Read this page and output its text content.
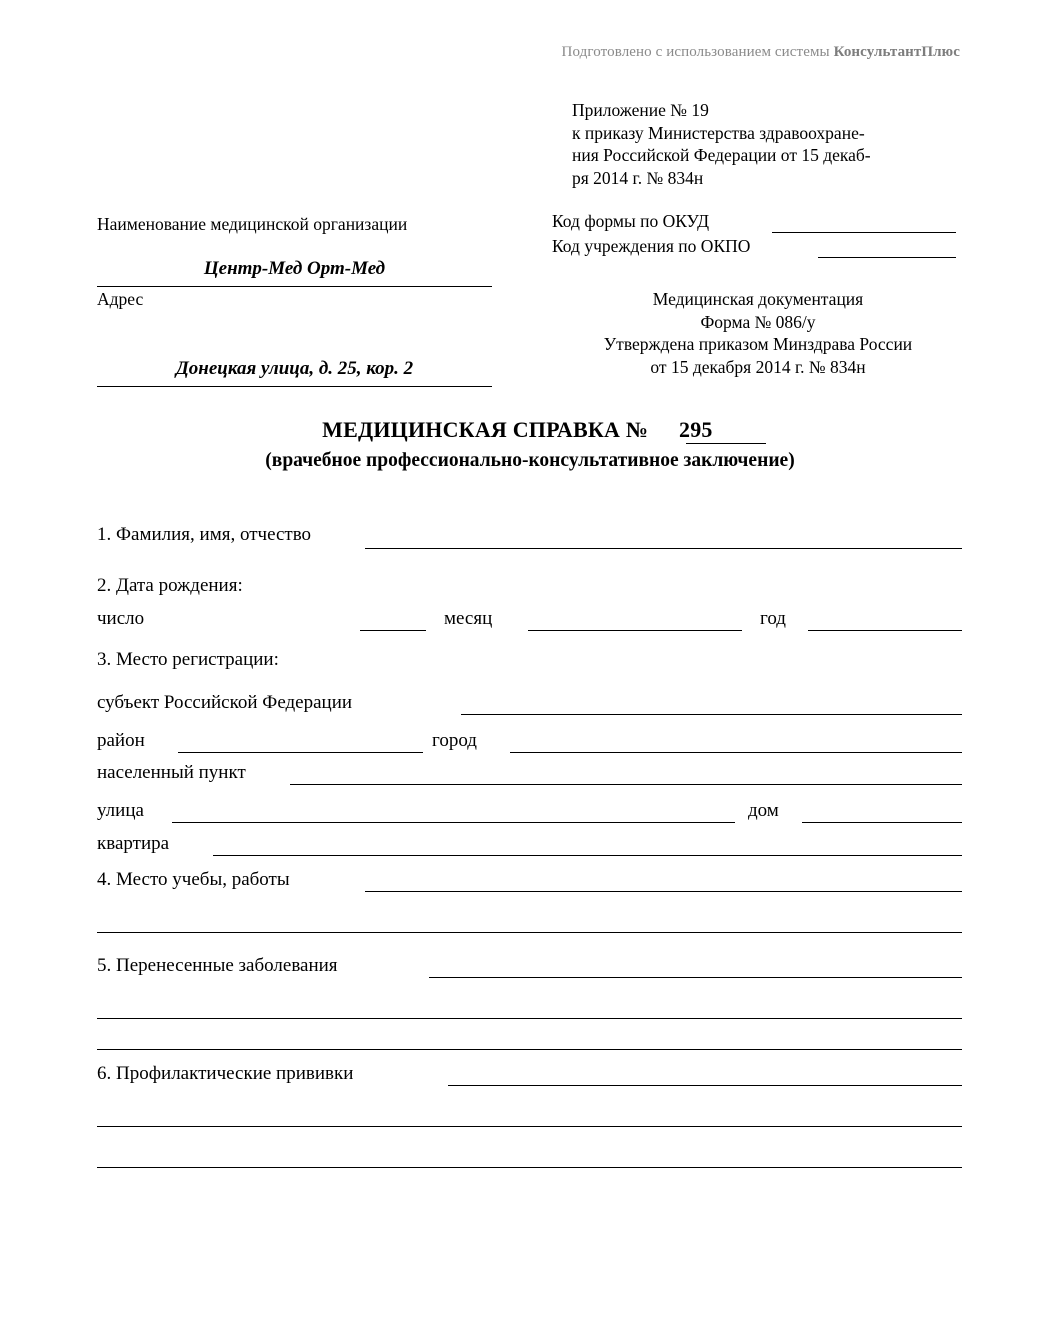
Подготовлено с использованием системы КонсультантПлюс
Приложение № 19
к приказу Министерства здравоохране-
ния Российской Федерации от 15 декаб-
ря 2014 г. № 834н
Наименование медицинской организации
Центр-Мед Орт-Мед
Адрес
Донецкая улица, д. 25, кор. 2
Код формы по ОКУД
Код учреждения по ОКПО
Медицинская документация
Форма № 086/у
Утверждена приказом Минздрава России
от 15 декабря 2014 г. № 834н
МЕДИЦИНСКАЯ СПРАВКА № 295
(врачебное профессионально-консультативное заключение)
1. Фамилия, имя, отчество
2. Дата рождения:
число	месяц	год
3. Место регистрации:
субъект Российской Федерации
район	город
населенный пункт
улица	дом
квартира
4. Место учебы, работы
5. Перенесенные заболевания
6. Профилактические прививки
